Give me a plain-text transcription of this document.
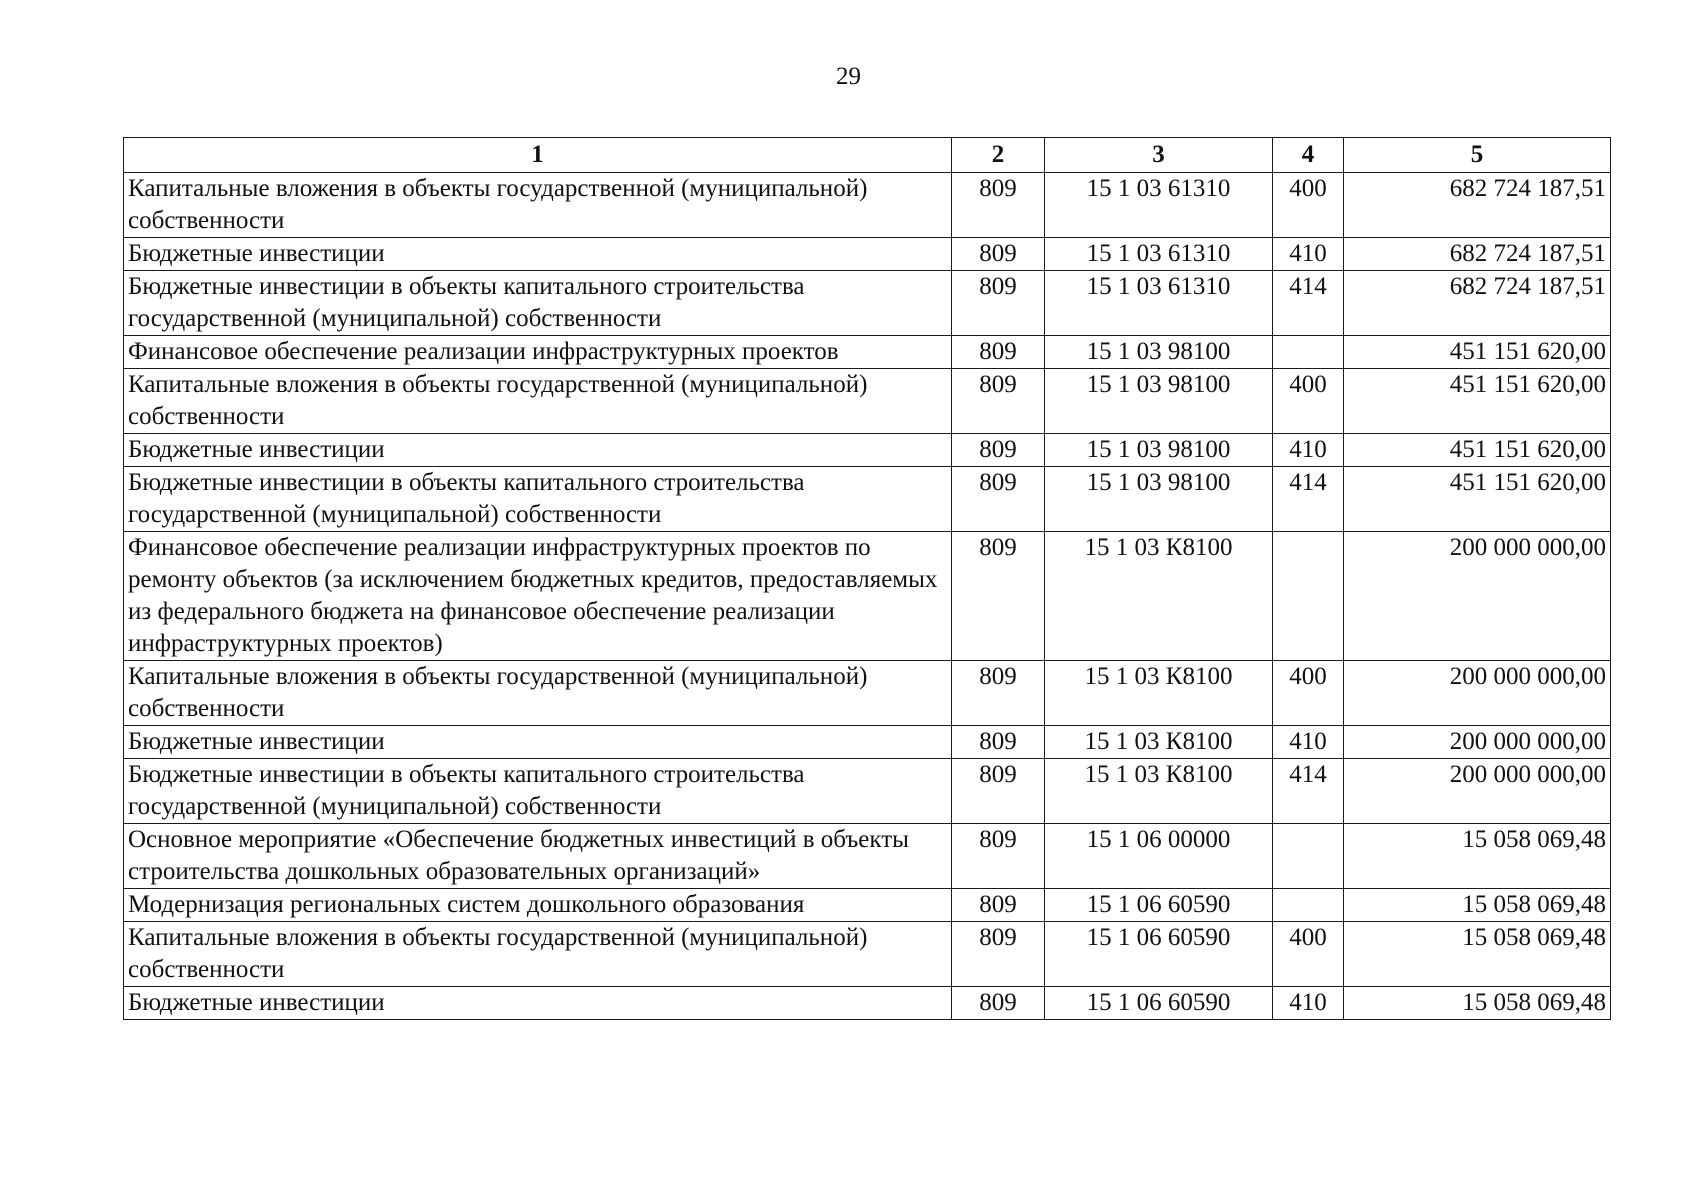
29
1	2	3	4	5
Капитальные вложения в объекты государственной (муниципальной) собственности	809	15 1 03 61310	400	682 724 187,51
Бюджетные инвестиции	809	15 1 03 61310	410	682 724 187,51
Бюджетные инвестиции в объекты капитального строительства государственной (муниципальной) собственности	809	15 1 03 61310	414	682 724 187,51
Финансовое обеспечение реализации инфраструктурных проектов	809	15 1 03 98100		451 151 620,00
Капитальные вложения в объекты государственной (муниципальной) собственности	809	15 1 03 98100	400	451 151 620,00
Бюджетные инвестиции	809	15 1 03 98100	410	451 151 620,00
Бюджетные инвестиции в объекты капитального строительства государственной (муниципальной) собственности	809	15 1 03 98100	414	451 151 620,00
Финансовое обеспечение реализации инфраструктурных проектов по ремонту объектов (за исключением бюджетных кредитов, предоставляемых из федерального бюджета на финансовое обеспечение реализации инфраструктурных проектов)	809	15 1 03 К8100		200 000 000,00
Капитальные вложения в объекты государственной (муниципальной) собственности	809	15 1 03 К8100	400	200 000 000,00
Бюджетные инвестиции	809	15 1 03 К8100	410	200 000 000,00
Бюджетные инвестиции в объекты капитального строительства государственной (муниципальной) собственности	809	15 1 03 К8100	414	200 000 000,00
Основное мероприятие «Обеспечение бюджетных инвестиций в объекты строительства дошкольных образовательных организаций»	809	15 1 06 00000		15 058 069,48
Модернизация региональных систем дошкольного образования	809	15 1 06 60590		15 058 069,48
Капитальные вложения в объекты государственной (муниципальной) собственности	809	15 1 06 60590	400	15 058 069,48
Бюджетные инвестиции	809	15 1 06 60590	410	15 058 069,48
